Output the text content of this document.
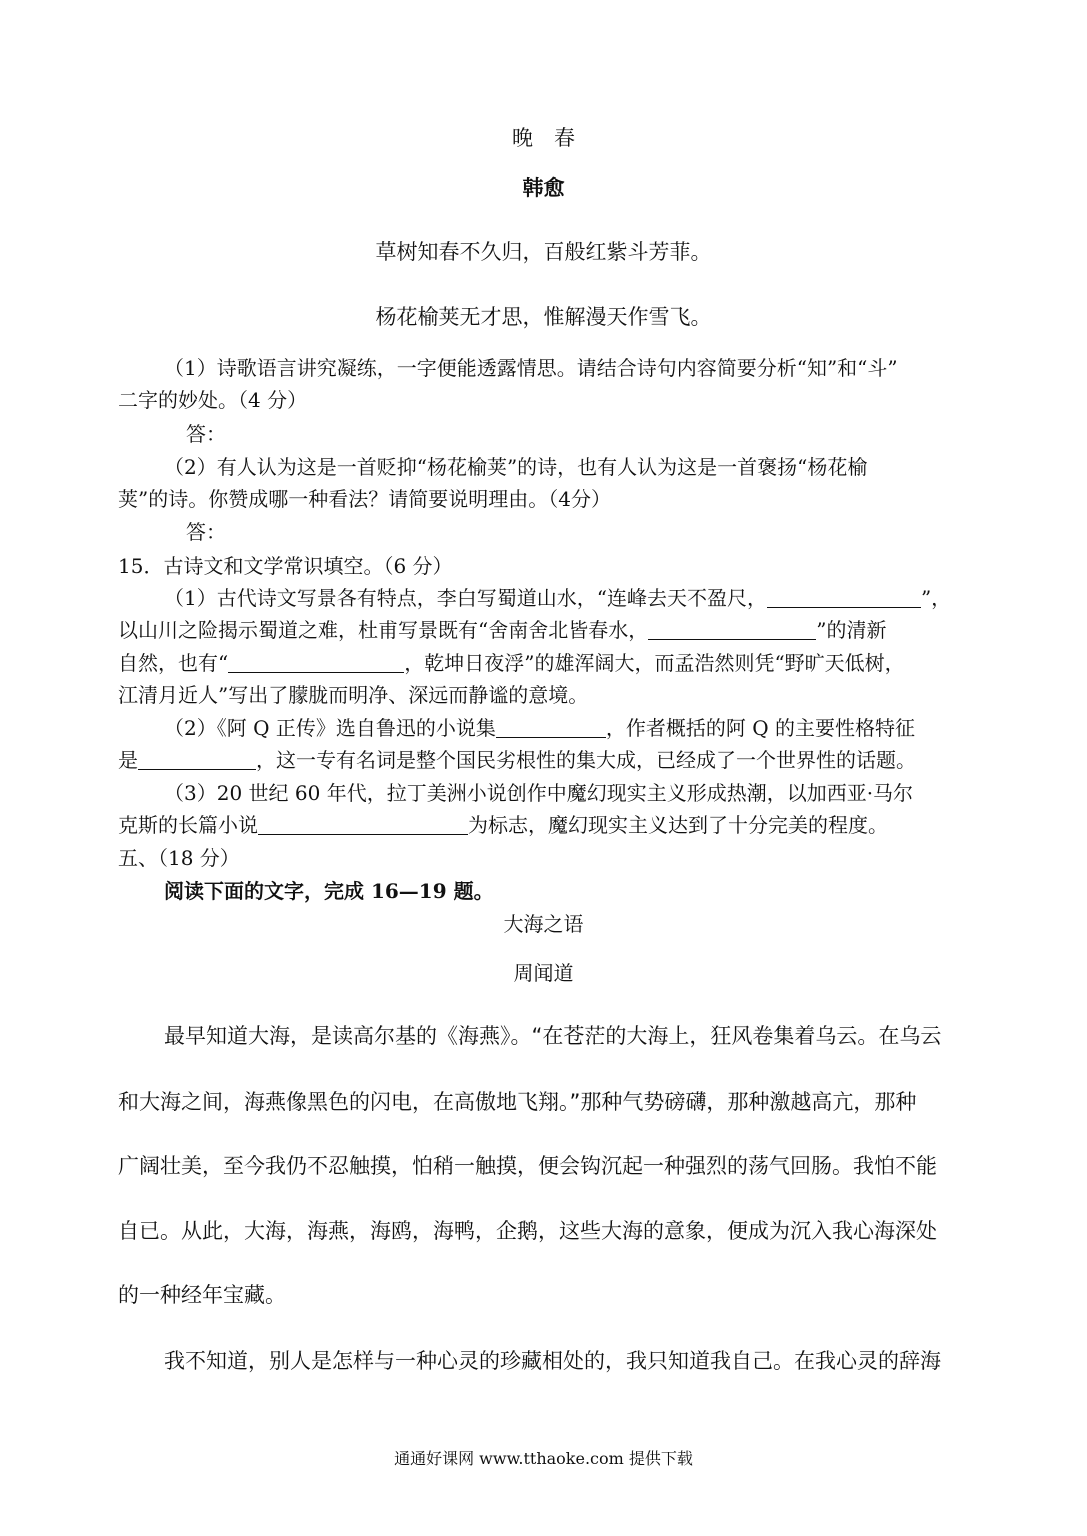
晚　春
韩愈
草树知春不久归，百般红紫斗芳菲。
杨花榆荚无才思，惟解漫天作雪飞。
（1）诗歌语言讲究凝练，一字便能透露情思。请结合诗句内容简要分析“知”和“斗”
二字的妙处。（4 分）
答：
（2）有人认为这是一首贬抑“杨花榆荚”的诗，也有人认为这是一首褒扬“杨花榆
荚”的诗。你赞成哪一种看法？请简要说明理由。（4分）
答：
15．古诗文和文学常识填空。（6 分）
（1）古代诗文写景各有特点，李白写蜀道山水，“连峰去天不盈尺，	”，
以山川之险揭示蜀道之难，杜甫写景既有“舍南舍北皆春水，	”的清新
自然，也有“	，乾坤日夜浮”的雄浑阔大，而孟浩然则凭“野旷天低树，
江清月近人”写出了朦胧而明净、深远而静谧的意境。
（2）《阿 Q 正传》选自鲁迅的小说集	，作者概括的阿 Q 的主要性格特征
是	，这一专有名词是整个国民劣根性的集大成，已经成了一个世界性的话题。
（3）20 世纪 60 年代，拉丁美洲小说创作中魔幻现实主义形成热潮，以加西亚·马尔
克斯的长篇小说	为标志，魔幻现实主义达到了十分完美的程度。
五、（18 分）
阅读下面的文字，完成 16—19 题。
大海之语
周闻道
最早知道大海，是读高尔基的《海燕》。“在苍茫的大海上，狂风卷集着乌云。在乌云
和大海之间，海燕像黑色的闪电，在高傲地飞翔。”那种气势磅礴，那种激越高亢，那种
广阔壮美，至今我仍不忍触摸，怕稍一触摸，便会钩沉起一种强烈的荡气回肠。我怕不能
自已。从此，大海，海燕，海鸥，海鸭，企鹅，这些大海的意象，便成为沉入我心海深处
的一种经年宝藏。
我不知道，别人是怎样与一种心灵的珍藏相处的，我只知道我自己。在我心灵的辞海
通通好课网 www.tthaoke.com 提供下载
